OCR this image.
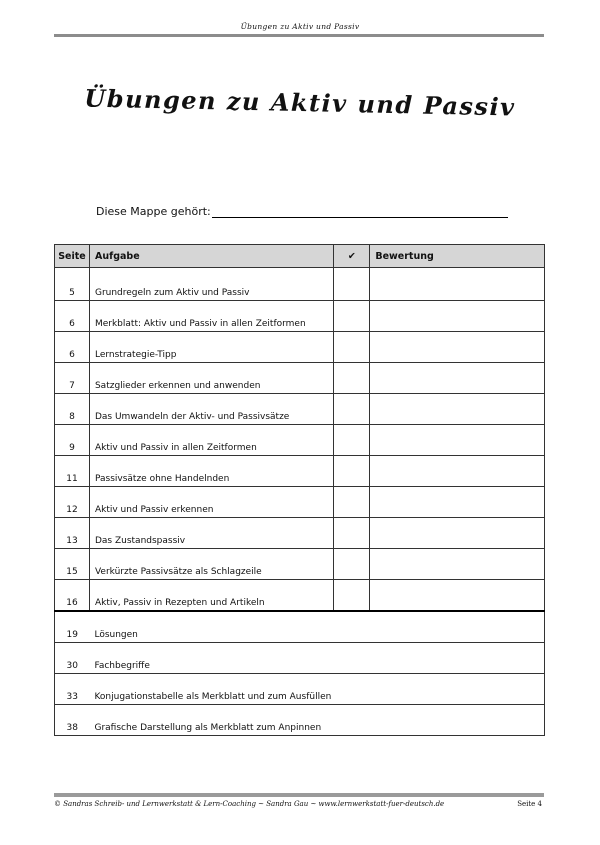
Übungen zu Aktiv und Passiv
Übungen zu Aktiv und Passiv
Diese Mappe gehört:
Seite	Aufgabe	✔	Bewertung
5	Grundregeln zum Aktiv und Passiv		
6	Merkblatt: Aktiv und Passiv in allen Zeitformen		
6	Lernstrategie-Tipp		
7	Satzglieder erkennen und anwenden		
8	Das Umwandeln der Aktiv- und Passivsätze		
9	Aktiv und Passiv in allen Zeitformen		
11	Passivsätze ohne Handelnden		
12	Aktiv und Passiv erkennen		
13	Das Zustandspassiv		
15	Verkürzte Passivsätze als Schlagzeile		
16	Aktiv, Passiv in Rezepten und Artikeln		
19	Lösungen		
30	Fachbegriffe		
33	Konjugationstabelle als Merkblatt und zum Ausfüllen		
38	Grafische Darstellung als Merkblatt zum Anpinnen		
© Sandras Schreib- und Lernwerkstatt & Lern-Coaching ~ Sandra Gau ~ www.lernwerkstatt-fuer-deutsch.de	Seite 4
